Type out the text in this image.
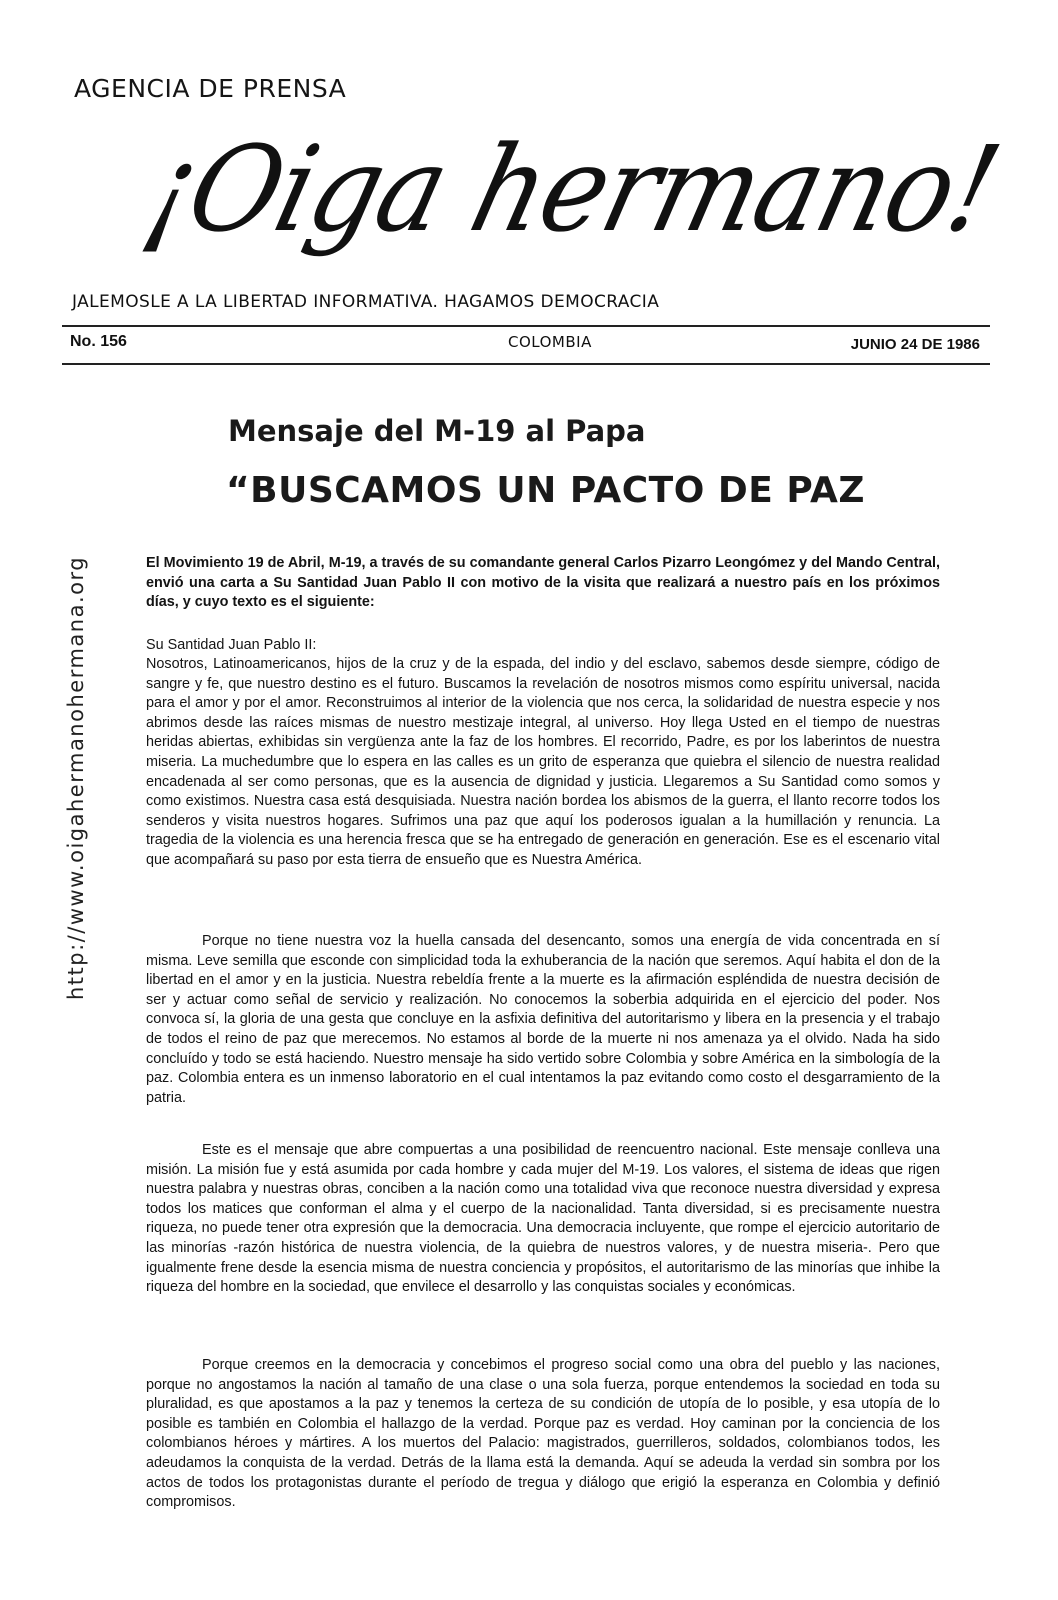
AGENCIA DE PRENSA
¡Oiga hermano!
JALEMOSLE A LA LIBERTAD INFORMATIVA. HAGAMOS DEMOCRACIA
No. 156	COLOMBIA	JUNIO 24 DE 1986
Mensaje del M-19 al Papa
“BUSCAMOS UN PACTO DE PAZ
http://www.oigahermanohermana.org	El Movimiento 19 de Abril, M-19, a través de su comandante general Carlos Pizarro Leongómez y del Mando Central, envió una carta a Su Santidad Juan Pablo II con motivo de la visita que realizará a nuestro país en los próximos días, y cuyo texto es el siguiente:

Su Santidad Juan Pablo II:

Nosotros, Latinoamericanos, hijos de la cruz y de la espada, del indio y del esclavo, sabemos desde siempre, código de sangre y fe, que nuestro destino es el futuro. Buscamos la revelación de nosotros mismos como espíritu universal, nacida para el amor y por el amor. Reconstruimos al interior de la violencia que nos cerca, la solidaridad de nuestra especie y nos abrimos desde las raíces mismas de nuestro mestizaje integral, al universo. Hoy llega Usted en el tiempo de nuestras heridas abiertas, exhibidas sin vergüenza ante la faz de los hombres. El recorrido, Padre, es por los laberintos de nuestra miseria. La muchedumbre que lo espera en las calles es un grito de esperanza que quiebra el silencio de nuestra realidad encadenada al ser como personas, que es la ausencia de dignidad y justicia. Llegaremos a Su Santidad como somos y como existimos. Nuestra casa está desquisiada. Nuestra nación bordea los abismos de la guerra, el llanto recorre todos los senderos y visita nuestros hogares. Sufrimos una paz que aquí los poderosos igualan a la humillación y renuncia. La tragedia de la violencia es una herencia fresca que se ha entregado de generación en generación. Ese es el escenario vital que acompañará su paso por esta tierra de ensueño que es Nuestra América.

Porque no tiene nuestra voz la huella cansada del desencanto, somos una energía de vida concentrada en sí misma. Leve semilla que esconde con simplicidad toda la exhuberancia de la nación que seremos. Aquí habita el don de la libertad en el amor y en la justicia. Nuestra rebeldía frente a la muerte es la afirmación espléndida de nuestra decisión de ser y actuar como señal de servicio y realización. No conocemos la soberbia adquirida en el ejercicio del poder. Nos convoca sí, la gloria de una gesta que concluye en la asfixia definitiva del autoritarismo y libera en la presencia y el trabajo de todos el reino de paz que merecemos. No estamos al borde de la muerte ni nos amenaza ya el olvido. Nada ha sido concluído y todo se está haciendo. Nuestro mensaje ha sido vertido sobre Colombia y sobre América en la simbología de la paz. Colombia entera es un inmenso laboratorio en el cual intentamos la paz evitando como costo el desgarramiento de la patria.

Este es el mensaje que abre compuertas a una posibilidad de reencuentro nacional. Este mensaje conlleva una misión. La misión fue y está asumida por cada hombre y cada mujer del M-19. Los valores, el sistema de ideas que rigen nuestra palabra y nuestras obras, conciben a la nación como una totalidad viva que reconoce nuestra diversidad y expresa todos los matices que conforman el alma y el cuerpo de la nacionalidad. Tanta diversidad, si es precisamente nuestra riqueza, no puede tener otra expresión que la democracia. Una democracia incluyente, que rompe el ejercicio autoritario de las minorías -razón histórica de nuestra violencia, de la quiebra de nuestros valores, y de nuestra miseria-. Pero que igualmente frene desde la esencia misma de nuestra conciencia y propósitos, el autoritarismo de las minorías que inhibe la riqueza del hombre en la sociedad, que envilece el desarrollo y las conquistas sociales y económicas.

Porque creemos en la democracia y concebimos el progreso social como una obra del pueblo y las naciones, porque no angostamos la nación al tamaño de una clase o una sola fuerza, porque entendemos la sociedad en toda su pluralidad, es que apostamos a la paz y tenemos la certeza de su condición de utopía de lo posible, y esa utopía de lo posible es también en Colombia el hallazgo de la verdad. Porque paz es verdad. Hoy caminan por la conciencia de los colombianos héroes y mártires. A los muertos del Palacio: magistrados, guerrilleros, soldados, colombianos todos, les adeudamos la conquista de la verdad. Detrás de la llama está la demanda. Aquí se adeuda la verdad sin sombra por los actos de todos los protagonistas durante el período de tregua y diálogo que erigió la esperanza en Colombia y definió compromisos.
